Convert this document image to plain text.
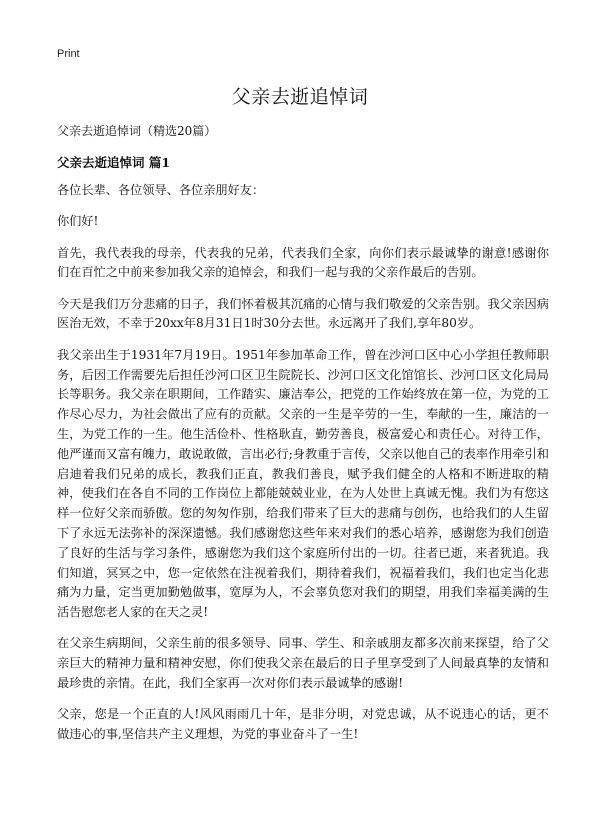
Print
父亲去逝追悼词
父亲去逝追悼词（精选20篇）
父亲去逝追悼词 篇1

各位长辈、各位领导、各位亲朋好友：

你们好!

首先，我代表我的母亲，代表我的兄弟，代表我们全家，向你们表示最诚挚的谢意!感谢你们在百忙之中前来参加我父亲的追悼会，和我们一起与我的父亲作最后的告别。

今天是我们万分悲痛的日子，我们怀着极其沉痛的心情与我们敬爱的父亲告别。我父亲因病医治无效，不幸于20xx年8月31日1时30分去世。永远离开了我们,享年80岁。

我父亲出生于1931年7月19日。1951年参加革命工作，曾在沙河口区中心小学担任教师职务，后因工作需要先后担任沙河口区卫生院院长、沙河口区文化馆馆长、沙河口区文化局局长等职务。我父亲在职期间，工作踏实、廉洁奉公，把党的工作始终放在第一位，为党的工作尽心尽力，为社会做出了应有的贡献。父亲的一生是辛劳的一生，奉献的一生，廉洁的一生，为党工作的一生。他生活俭朴、性格耿直，勤劳善良，极富爱心和责任心。对待工作，他严谨而又富有魄力，敢说敢做，言出必行;身教重于言传，父亲以他自己的表率作用牵引和启迪着我们兄弟的成长，教我们正直，教我们善良，赋予我们健全的人格和不断进取的精神，使我们在各自不同的工作岗位上都能兢兢业业，在为人处世上真诚无愧。我们为有您这样一位好父亲而骄傲。您的匆匆作别，给我们带来了巨大的悲痛与创伤，也给我们的人生留下了永远无法弥补的深深遗憾。我们感谢您这些年来对我们的悉心培养，感谢您为我们创造了良好的生活与学习条件，感谢您为我们这个家庭所付出的一切。往者已逝，来者犹追。我们知道，冥冥之中，您一定依然在注视着我们，期待着我们，祝福着我们，我们也定当化悲痛为力量，定当更加勤勉做事，宽厚为人，不会辜负您对我们的期望，用我们幸福美满的生活告慰您老人家的在天之灵!

在父亲生病期间，父亲生前的很多领导、同事、学生、和亲戚朋友都多次前来探望，给了父亲巨大的精神力量和精神安慰，你们使我父亲在最后的日子里享受到了人间最真挚的友情和最珍贵的亲情。在此，我们全家再一次对你们表示最诚挚的感谢!

父亲，您是一个正直的人!风风雨雨几十年，是非分明，对党忠诚，从不说违心的话，更不做违心的事,坚信共产主义理想，为党的事业奋斗了一生!
